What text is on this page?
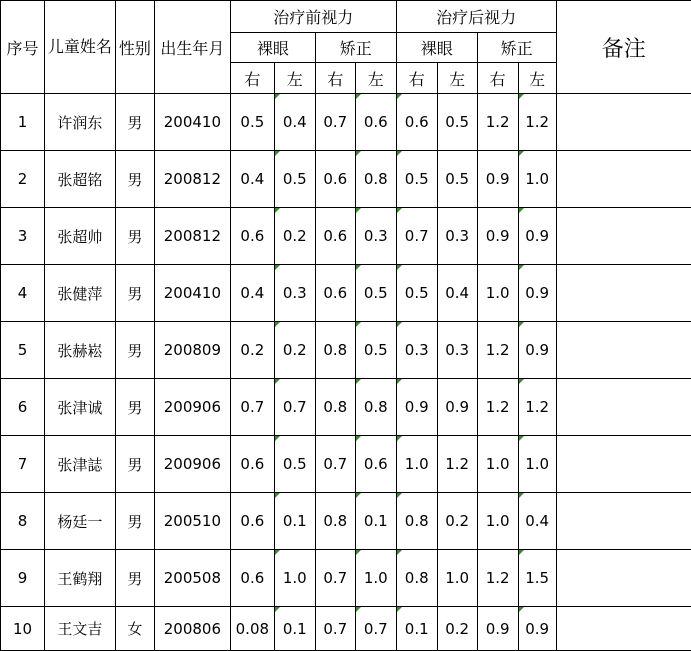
序号	儿童姓名	性别	出生年月	治疗前视力				治疗后视力				备注
				裸眼		矫正		裸眼		矫正		
				右	左	右	左	右	左	右	左	
1	许润东	男	200410	0.5	0.4	0.7	0.6	0.6	0.5	1.2	1.2

2	张超铭	男	200812	0.4	0.5	0.6	0.8	0.5	0.5	0.9	1.0

3	张超帅	男	200812	0.6	0.2	0.6	0.3	0.7	0.3	0.9	0.9

4	张健萍	男	200410	0.4	0.3	0.6	0.5	0.5	0.4	1.0	0.9

5	张赫崧	男	200809	0.2	0.2	0.8	0.5	0.3	0.3	1.2	0.9

6	张津诚	男	200906	0.7	0.7	0.8	0.8	0.9	0.9	1.2	1.2

7	张津誌	男	200906	0.6	0.5	0.7	0.6	1.0	1.2	1.0	1.0

8	杨廷一	男	200510	0.6	0.1	0.8	0.1	0.8	0.2	1.0	0.4

9	王鹤翔	男	200508	0.6	1.0	0.7	1.0	0.8	1.0	1.2	1.5

10	王文吉	女	200806	0.08	0.1	0.7	0.7	0.1	0.2	0.9	0.9
